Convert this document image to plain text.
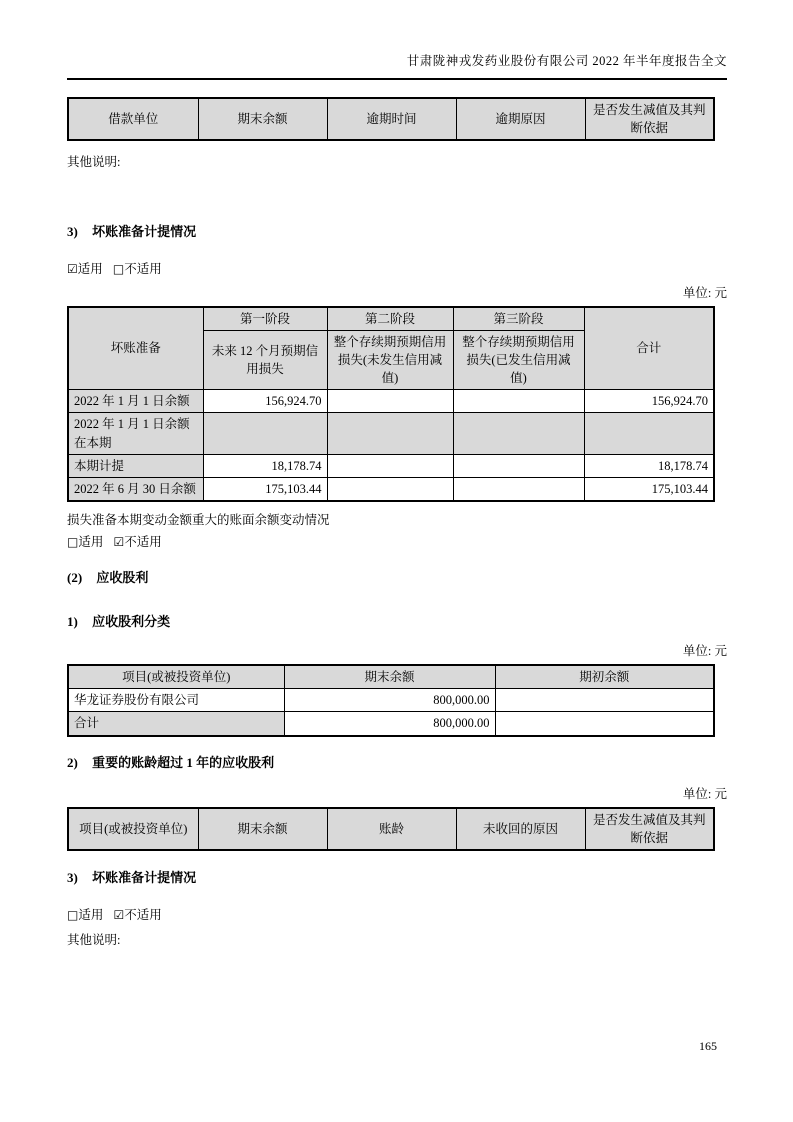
甘肃陇神戎发药业股份有限公司 2022 年半年度报告全文
借款单位	期末余额	逾期时间	逾期原因	是否发生减值及其判断依据
其他说明:
3) 坏账准备计提情况
☑适用 □不适用
单位: 元
坏账准备	第一阶段	第二阶段	第三阶段	合计
	未来 12 个月预期信用损失	整个存续期预期信用损失(未发生信用减值)	整个存续期预期信用损失(已发生信用减值)	
2022 年 1 月 1 日余额	156,924.70			156,924.70
2022 年 1 月 1 日余额在本期				
本期计提	18,178.74			18,178.74
2022 年 6 月 30 日余额	175,103.44			175,103.44
损失准备本期变动金额重大的账面余额变动情况
□适用 ☑不适用
(2) 应收股利
1) 应收股利分类
单位: 元
项目(或被投资单位)	期末余额	期初余额
华龙证券股份有限公司	800,000.00	
合计	800,000.00	
2) 重要的账龄超过 1 年的应收股利
单位: 元
项目(或被投资单位)	期末余额	账龄	未收回的原因	是否发生减值及其判断依据
3) 坏账准备计提情况
□适用 ☑不适用
其他说明:
165
